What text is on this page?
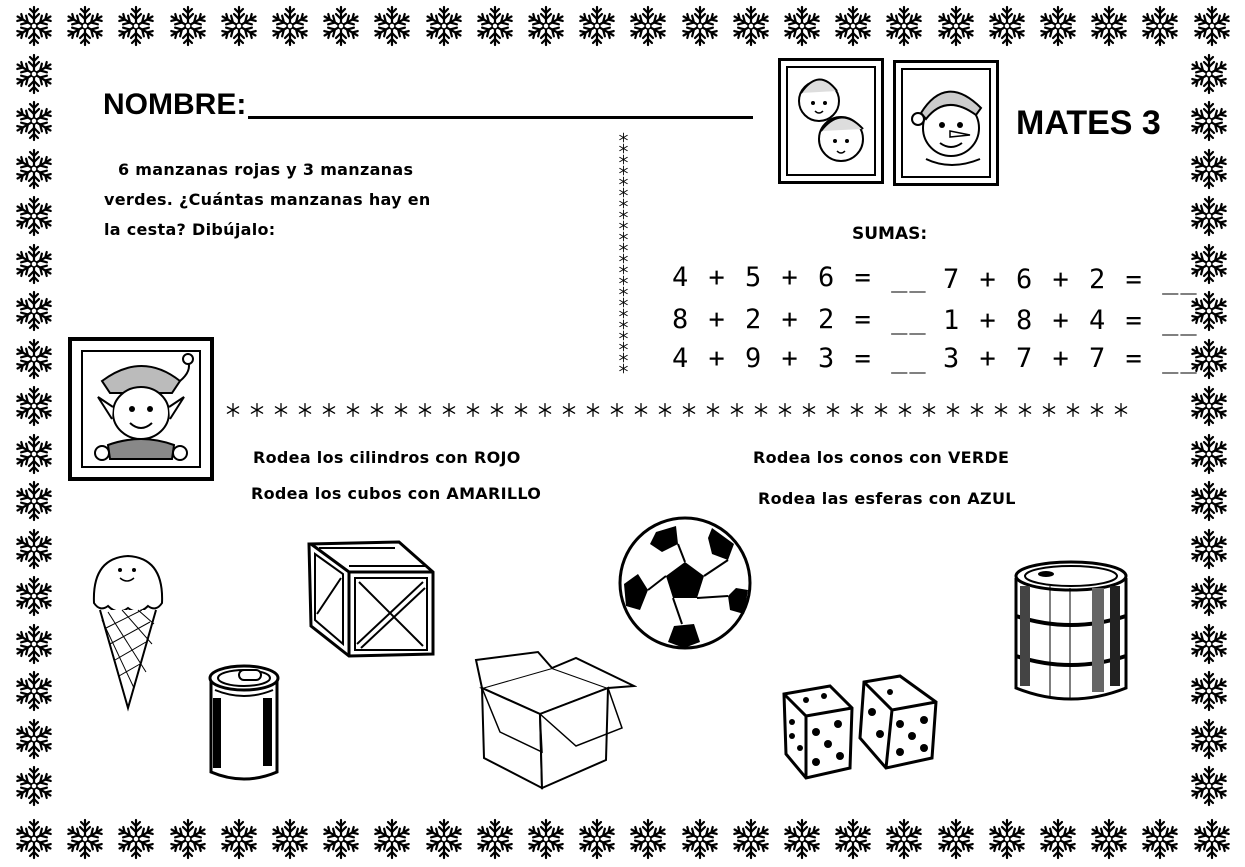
NOMBRE:	MATES 3
6 manzanas rojas y 3 manzanas verdes. ¿Cuántas manzanas hay en la cesta? Dibújalo:	SUMAS:
4 + 5 + 6 = __
8 + 2 + 2 = __
4 + 9 + 3 = __
7 + 6 + 2 = __
1 + 8 + 4 = __
3 + 7 + 7 = __
Rodea los cilindros con ROJO
Rodea los cubos con AMARILLO
Rodea los conos con VERDE
Rodea las esferas con AZUL
